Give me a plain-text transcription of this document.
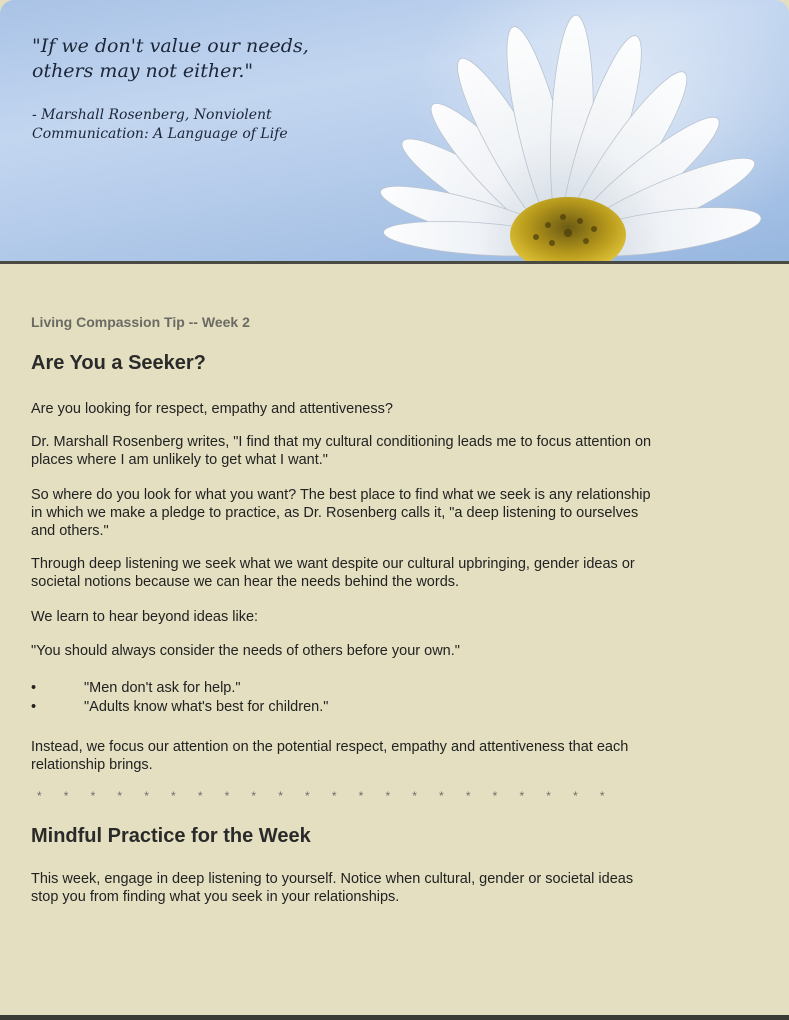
"If we don't value our needs,
others may not either."

- Marshall Rosenberg, Nonviolent
Communication: A Language of Life

Living Compassion Tip -- Week 2

Are You a Seeker?

Are you looking for respect, empathy and attentiveness?

Dr. Marshall Rosenberg writes, "I find that my cultural conditioning leads me to focus attention on places where I am unlikely to get what I want."

So where do you look for what you want? The best place to find what we seek is any relationship in which we make a pledge to practice, as Dr. Rosenberg calls it, "a deep listening to ourselves and others."

Through deep listening we seek what we want despite our cultural upbringing, gender ideas or societal notions because we can hear the needs behind the words.

We learn to hear beyond ideas like:

"You should always consider the needs of others before your own."

• "Men don't ask for help."
• "Adults know what's best for children."

Instead, we focus our attention on the potential respect, empathy and attentiveness that each relationship brings.

* * * * * * * * * * * * * * * * * * * * * *

Mindful Practice for the Week

This week, engage in deep listening to yourself. Notice when cultural, gender or societal ideas stop you from finding what you seek in your relationships.
